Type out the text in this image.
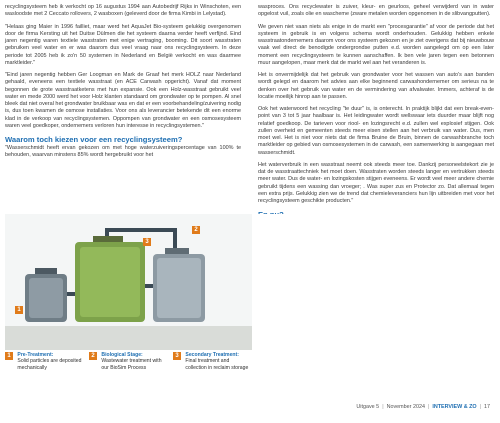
recyclingsysteem heb ik verkocht op 16 augustus 1994 aan Autobedrijf Rijks in Winschoten, een wasloodste met 2 Ceccato rollovers, 2 wasboxen (geleverd door de firma Kimbi in Lelystad).

"Helaas ging Maier in 1996 failliet, maar werd het AquaJet Bio-systeem gelukkig overgenomen door de firma Kersting uit het Duitse Dülmen die het systeem daarna verder heeft verfijnd. Eind jaren negentig waren textiele wasstraten met enige vertraging, booming. Dit soort wasstraten gebruiken veel water en er was daarom dus veel vraag naar ons recyclingsysteem. In deze periode tot 2005 heb ik zo'n 50 systemen in Nederland en België verkocht en was daarmee marktleider."

"Eind jaren negentig hebben Ger Loogman en Mark de Graaf het merk HOLZ naar Nederland gehaald, eveneens een textiele wasstraat (en ACE Carwash opgericht). Vanaf dat moment begonnen de grote wasstraatketens met hun expansie. Ook een Holz-wasstraat gebruikt veel water en mede 2000 werd het voor Holz klanten standaard om grondwater op te pompen. Al snel bleek dat niet overal het grondwater bruikbaar was en dat er een voorbehandeling/zuivering nodig is, dus toen kwamen de osmose installaties. Voor ons als leverancier betekende dit een enorme klad in de verkoop van recyclingsystemen. Oppompen van grondwater en een osmosesysteem waren veel goedkoper, ondernemers verloren hun interesse in recyclingsystemen."

Waarom toch kiezen voor een recyclingsysteem?

"Wasserschmidt heeft ervan gekozen om met hoge waterzuiveringspercentage van 100% te behouden, waarvan minstens 85% wordt hergebruikt voor het

wasproces. Ons recyclewater is zuiver, kleur- en geurloos, geheel verwijderd van in water opgelost vuil, zoals olie en wascheme (zware metalen worden opgenomen in de slibvangputten).

We geven niet vaan niets als enige in de markt een "procesgarantie" af voor de periode dat het systeem in gebruik is en volgens schema wordt onderhouden. Gelukkig hebben enkele wasstraatondernemers daarom voor ons systeem gekozen en je ziet overigens dat bij nieuwbouw vaak wel direct de benodigde ondergrondse putten e.d. worden aangelegd om op een later moment een recyclingsysteem te kunnen aanschaffen. Ik ben vele jaren tegen een betonnen muur aangelopen, maar merk dat de markt wel aan het veranderen is.

Het is onvermijdelijk dat het gebruik van grondwater voor het wassen van auto's aan banden wordt gelegd en daarom het advies aan elke beginnend carwashondernemer om serieus na te denken over het gebruik van water en de vermindering van afvalwater. Immers, achteraf is de locatie moeilijk hinrop aan te passen.

Ook het waterwoord het recycling "te duur" is, is onterecht. In praktijk blijkt dat een break-even-point van 3 tot 5 jaar haalbaar is. Het leidingwater wordt wellswaar iets duurder maar blijft nog relatief goedkoop. De tarieven voor riool- en lozingsrecht e.d. zullen wel explosief stijgen. Ook zullen overheid en gemeenten steeds meer eisen stellen aan het verbruik van water. Dus, men moet wel. Het is niet voor niets dat de firma Bruine de Bruin, binnen de carwashbranche toch marktleider op gebied van osmosesystemen in de carwash, een samenwerking is aangegaan met wasserschmidt.

Het waterverbruik in een wasstraat neemt ook steeds meer toe. Dankzij personeelstekort zie je dat de wasstraattechniek het moet doen. Wasstraten worden steeds langer en vertrukken steeds meer water. Dus de water- en lozingskosten stijgen eveneens. Er wordt veel meer andere chemie gebruikt tijdens een wassing dan vroeger; . Was super zus en Protector zo. Dat allemaal tegen een extra prijs. Gelukkig zien we de trend dat chemieleveranciers hun lijn uitbreiden met voor het recyclingsysteem geschikte producten."

2
3
1
1 Pre-Treatment:
Solid particles are deposited mechanically
2 Biological Stage:
Wastewater treatment with our BioSim Process
3 Secondary Treatment:
Final treatment and collection in reclaim storage
Uitgave 5 | November 2024 | INTERVIEW & ZO | 17
